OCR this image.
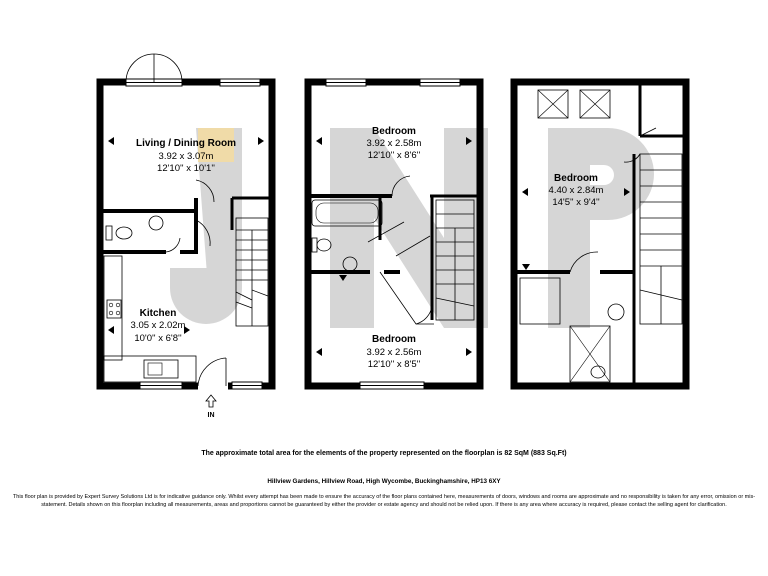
Living / Dining Room
3.92 x 3.07m
12'10'' x 10'1''
Kitchen
3.05 x 2.02m
10'0'' x 6'8''
Bedroom
3.92 x 2.58m
12'10'' x 8'6''
Bedroom
3.92 x 2.56m
12'10'' x 8'5''
Bedroom
4.40 x 2.84m
14'5'' x 9'4''
IN
The approximate total area for the elements of the property represented on the floorplan is 82 SqM (883 Sq.Ft)
Hillview Gardens, Hillview Road, High Wycombe, Buckinghamshire, HP13 6XY
This floor plan is provided by Expert Survey Solutions Ltd is for indicative guidance only. Whilst every attempt has been made to ensure the accuracy of the floor plans contained here, measurements of doors, windows and rooms are approximate and no responsibility is taken for any error, omission or mis-statement. Details shown on this floorplan including all measurements, areas and proportions cannot be guaranteed by either the provider or estate agency and should not be relied upon. If there is any area where accuracy is required, please contact the selling agent for clarification.
